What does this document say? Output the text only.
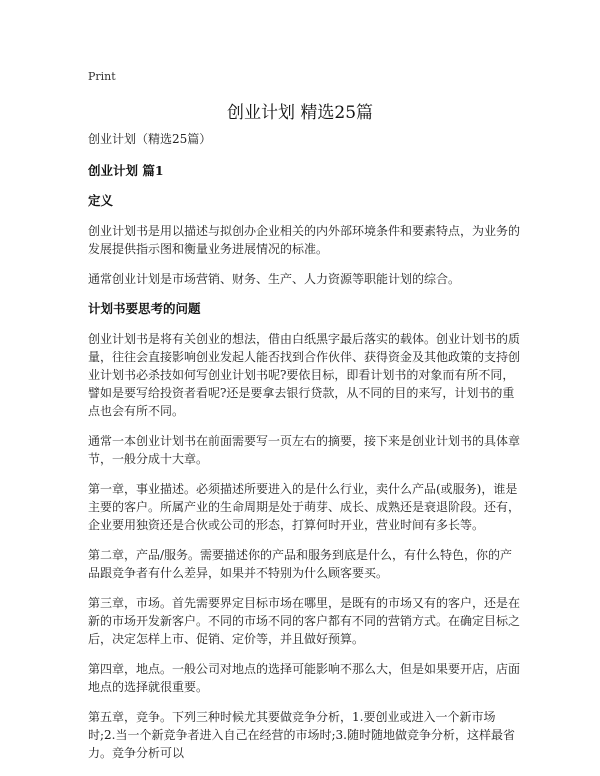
Print
创业计划 精选25篇

创业计划（精选25篇）

创业计划 篇1
定义

创业计划书是用以描述与拟创办企业相关的内外部环境条件和要素特点，为业务的发展提供指示图和衡量业务进展情况的标准。

通常创业计划是市场营销、财务、生产、人力资源等职能计划的综合。

计划书要思考的问题

创业计划书是将有关创业的想法，借由白纸黑字最后落实的载体。创业计划书的质量，往往会直接影响创业发起人能否找到合作伙伴、获得资金及其他政策的支持创业计划书必杀技如何写创业计划书呢?要依目标，即看计划书的对象而有所不同，譬如是要写给投资者看呢?还是要拿去银行贷款，从不同的目的来写，计划书的重点也会有所不同。

通常一本创业计划书在前面需要写一页左右的摘要，接下来是创业计划书的具体章节，一般分成十大章。

第一章，事业描述。必须描述所要进入的是什么行业，卖什么产品(或服务)，谁是主要的客户。所属产业的生命周期是处于萌芽、成长、成熟还是衰退阶段。还有，企业要用独资还是合伙或公司的形态，打算何时开业，营业时间有多长等。

第二章，产品/服务。需要描述你的产品和服务到底是什么，有什么特色，你的产品跟竞争者有什么差异，如果并不特别为什么顾客要买。

第三章，市场。首先需要界定目标市场在哪里，是既有的市场又有的客户，还是在新的市场开发新客户。不同的市场不同的客户都有不同的营销方式。在确定目标之后，决定怎样上市、促销、定价等，并且做好预算。

第四章，地点。一般公司对地点的选择可能影响不那么大，但是如果要开店，店面地点的选择就很重要。

第五章，竞争。下列三种时候尤其要做竞争分析，1.要创业或进入一个新市场时;2.当一个新竞争者进入自己在经营的市场时;3.随时随地做竞争分析，这样最省力。竞争分析可以
